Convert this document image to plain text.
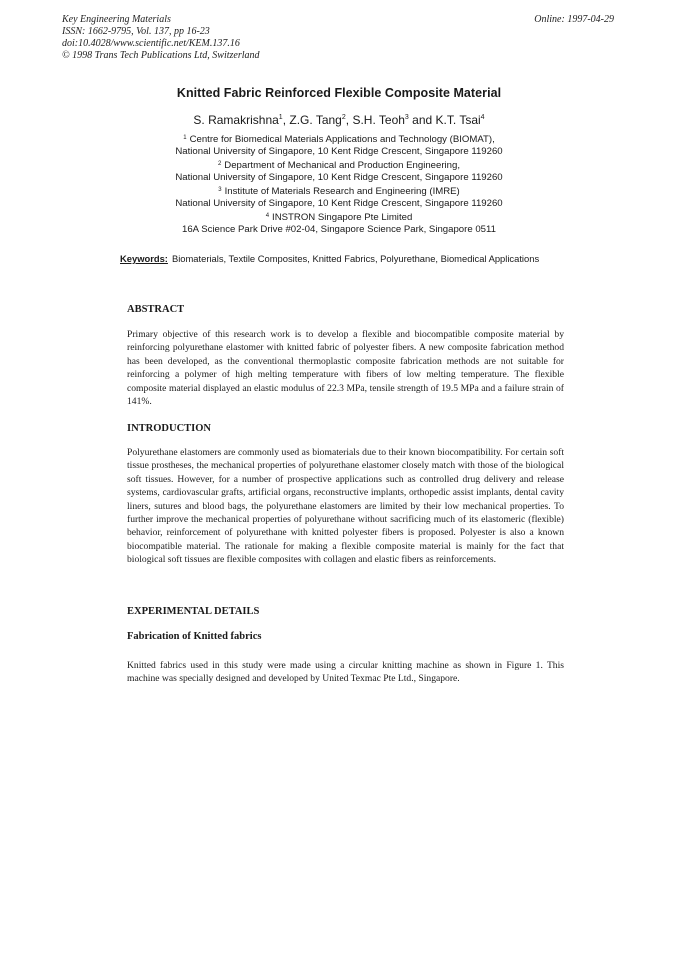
Key Engineering Materials
ISSN: 1662-9795, Vol. 137, pp 16-23
doi:10.4028/www.scientific.net/KEM.137.16
© 1998 Trans Tech Publications Ltd, Switzerland
Online: 1997-04-29
Knitted Fabric Reinforced Flexible Composite Material
S. Ramakrishna$^1$, Z.G. Tang$^2$, S.H. Teoh$^3$ and K.T. Tsai$^4$
$^1$ Centre for Biomedical Materials Applications and Technology (BIOMAT),
National University of Singapore, 10 Kent Ridge Crescent, Singapore 119260
$^2$ Department of Mechanical and Production Engineering,
National University of Singapore, 10 Kent Ridge Crescent, Singapore 119260
$^3$ Institute of Materials Research and Engineering (IMRE)
National University of Singapore, 10 Kent Ridge Crescent, Singapore 119260
$^4$ INSTRON Singapore Pte Limited
16A Science Park Drive #02-04, Singapore Science Park, Singapore 0511
Keywords: Biomaterials, Textile Composites, Knitted Fabrics, Polyurethane, Biomedical Applications
ABSTRACT
Primary objective of this research work is to develop a flexible and biocompatible composite material by reinforcing polyurethane elastomer with knitted fabric of polyester fibers. A new composite fabrication method has been developed, as the conventional thermoplastic composite fabrication methods are not suitable for reinforcing a polymer of high melting temperature with fibers of low melting temperature. The flexible composite material displayed an elastic modulus of 22.3 MPa, tensile strength of 19.5 MPa and a failure strain of 141%.
INTRODUCTION
Polyurethane elastomers are commonly used as biomaterials due to their known biocompatibility. For certain soft tissue prostheses, the mechanical properties of polyurethane elastomer closely match with those of the biological soft tissues. However, for a number of prospective applications such as controlled drug delivery and release systems, cardiovascular grafts, artificial organs, reconstructive implants, orthopedic assist implants, dental cavity liners, sutures and blood bags, the polyurethane elastomers are limited by their low mechanical properties. To further improve the mechanical properties of polyurethane without sacrificing much of its elastomeric (flexible) behavior, reinforcement of polyurethane with knitted polyester fibers is proposed. Polyester is also a known biocompatible material. The rationale for making a flexible composite material is mainly for the fact that biological soft tissues are flexible composites with collagen and elastic fibers as reinforcements.
EXPERIMENTAL DETAILS
Fabrication of Knitted fabrics
Knitted fabrics used in this study were made using a circular knitting machine as shown in Figure 1. This machine was specially designed and developed by United Texmac Pte Ltd., Singapore.
